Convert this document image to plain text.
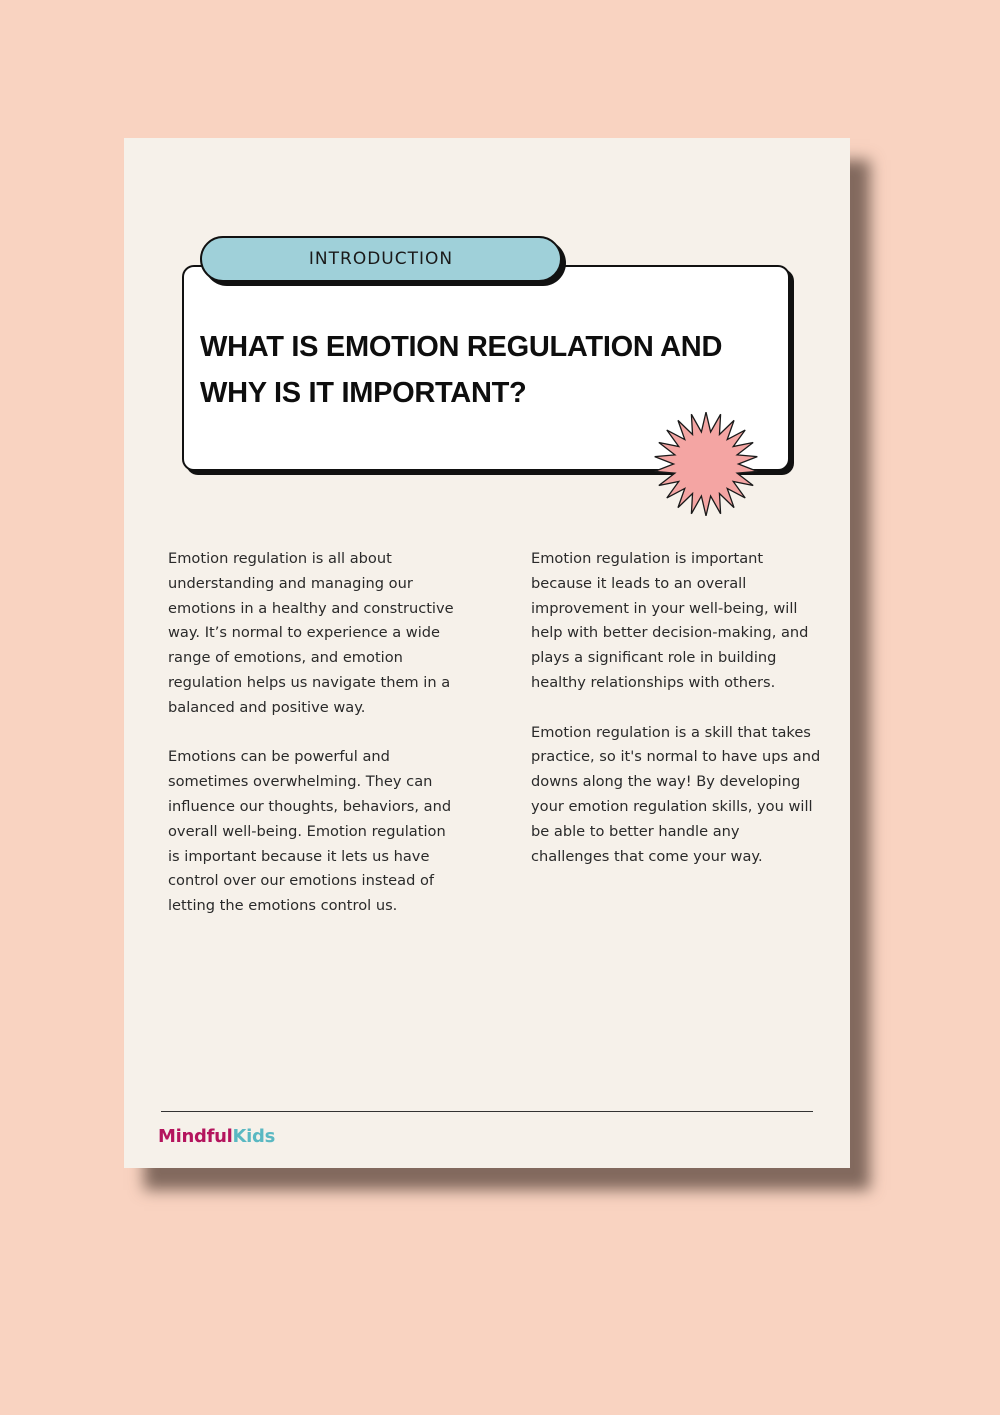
INTRODUCTION
WHAT IS EMOTION REGULATION AND WHY IS IT IMPORTANT?

Emotion regulation is all about understanding and managing our emotions in a healthy and constructive way. It’s normal to experience a wide range of emotions, and emotion regulation helps us navigate them in a balanced and positive way.

Emotions can be powerful and sometimes overwhelming. They can influence our thoughts, behaviors, and overall well-being. Emotion regulation is important because it lets us have control over our emotions instead of letting the emotions control us.

Emotion regulation is important because it leads to an overall improvement in your well-being, will help with better decision-making, and plays a significant role in building healthy relationships with others.

Emotion regulation is a skill that takes practice, so it's normal to have ups and downs along the way! By developing your emotion regulation skills, you will be able to better handle any challenges that come your way.

MindfulKids
